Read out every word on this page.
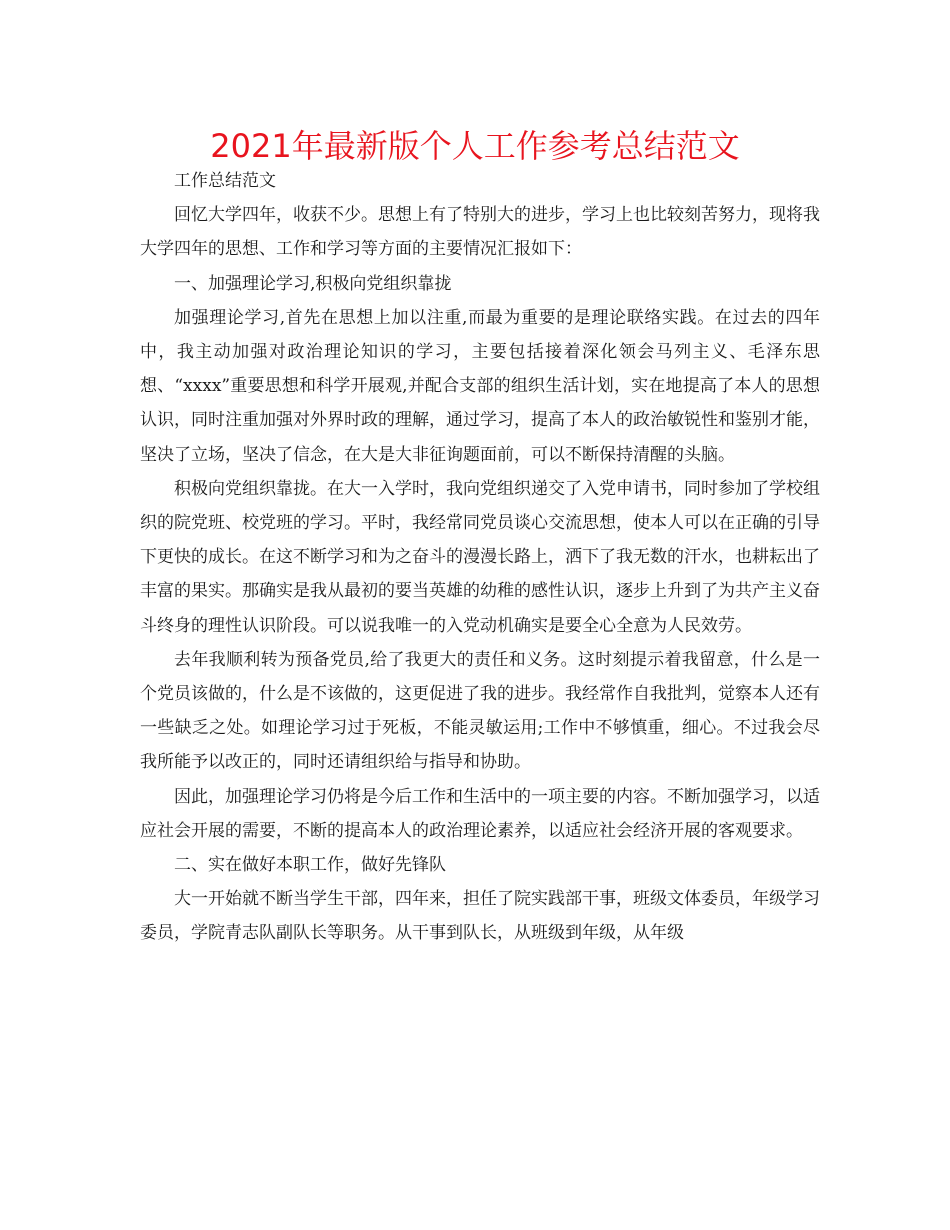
2021年最新版个人工作参考总结范文

工作总结范文

回忆大学四年，收获不少。思想上有了特别大的进步，学习上也比较刻苦努力，现将我大学四年的思想、工作和学习等方面的主要情况汇报如下：

一、加强理论学习,积极向党组织靠拢

加强理论学习,首先在思想上加以注重,而最为重要的是理论联络实践。在过去的四年中，我主动加强对政治理论知识的学习，主要包括接着深化领会马列主义、毛泽东思想、“xxxx”重要思想和科学开展观,并配合支部的组织生活计划，实在地提高了本人的思想认识，同时注重加强对外界时政的理解，通过学习，提高了本人的政治敏锐性和鉴别才能，坚决了立场，坚决了信念，在大是大非征询题面前，可以不断保持清醒的头脑。

积极向党组织靠拢。在大一入学时，我向党组织递交了入党申请书，同时参加了学校组织的院党班、校党班的学习。平时，我经常同党员谈心交流思想，使本人可以在正确的引导下更快的成长。在这不断学习和为之奋斗的漫漫长路上，洒下了我无数的汗水，也耕耘出了丰富的果实。那确实是我从最初的要当英雄的幼稚的感性认识，逐步上升到了为共产主义奋斗终身的理性认识阶段。可以说我唯一的入党动机确实是要全心全意为人民效劳。

去年我顺利转为预备党员,给了我更大的责任和义务。这时刻提示着我留意，什么是一个党员该做的，什么是不该做的，这更促进了我的进步。我经常作自我批判，觉察本人还有一些缺乏之处。如理论学习过于死板，不能灵敏运用;工作中不够慎重，细心。不过我会尽我所能予以改正的，同时还请组织给与指导和协助。

因此，加强理论学习仍将是今后工作和生活中的一项主要的内容。不断加强学习，以适应社会开展的需要，不断的提高本人的政治理论素养，以适应社会经济开展的客观要求。

二、实在做好本职工作，做好先锋队

大一开始就不断当学生干部，四年来，担任了院实践部干事，班级文体委员，年级学习委员，学院青志队副队长等职务。从干事到队长，从班级到年级，从年级
